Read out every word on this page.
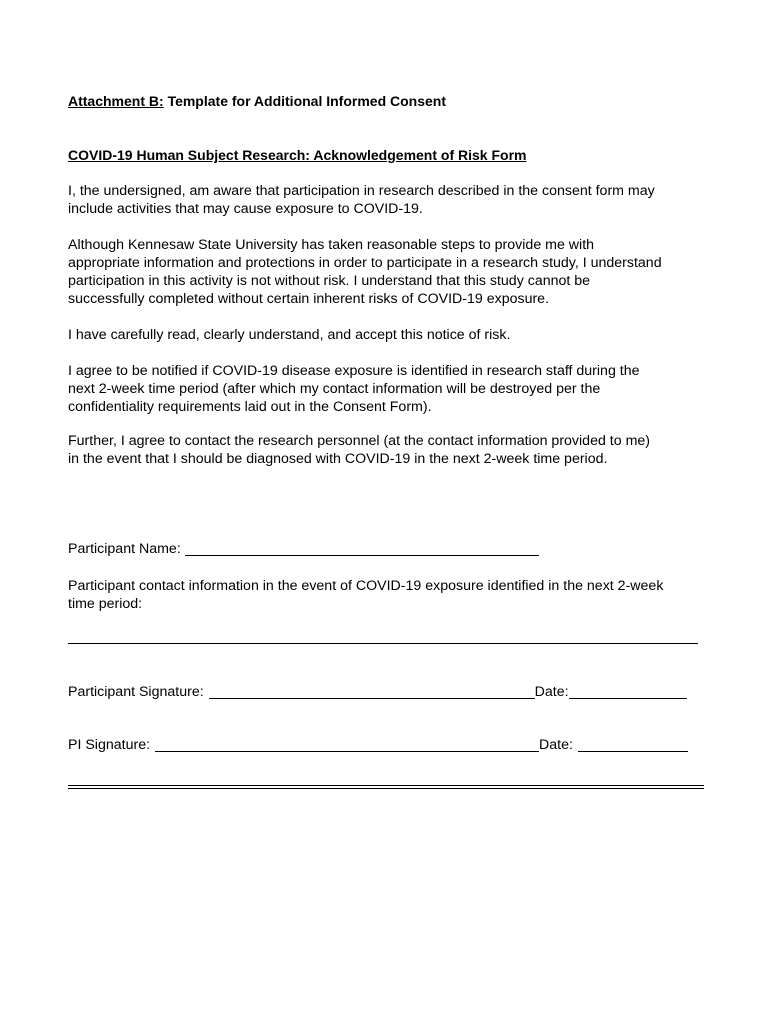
Attachment B: Template for Additional Informed Consent
COVID-19 Human Subject Research: Acknowledgement of Risk Form
I, the undersigned, am aware that participation in research described in the consent form may
include activities that may cause exposure to COVID-19.
Although Kennesaw State University has taken reasonable steps to provide me with
appropriate information and protections in order to participate in a research study, I understand
participation in this activity is not without risk. I understand that this study cannot be
successfully completed without certain inherent risks of COVID-19 exposure.
I have carefully read, clearly understand, and accept this notice of risk.
I agree to be notified if COVID-19 disease exposure is identified in research staff during the
next 2-week time period (after which my contact information will be destroyed per the
confidentiality requirements laid out in the Consent Form).
Further, I agree to contact the research personnel (at the contact information provided to me)
in the event that I should be diagnosed with COVID-19 in the next 2-week time period.
Participant Name:
Participant contact information in the event of COVID-19 exposure identified in the next 2-week
time period:
Participant Signature:	Date:
PI Signature:	Date:
